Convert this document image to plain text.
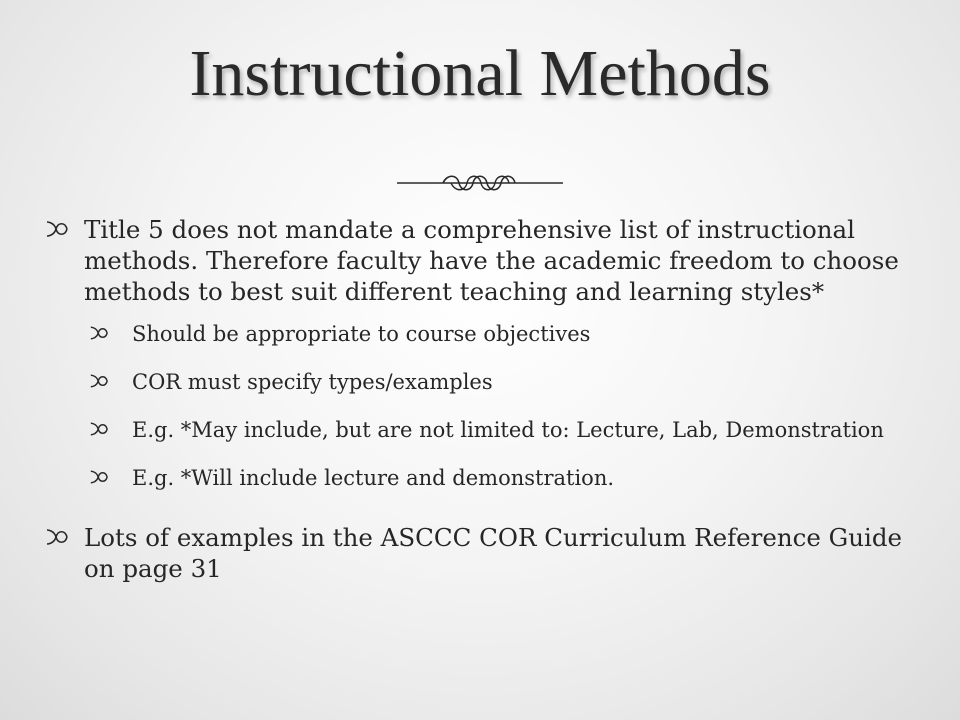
Instructional Methods

Title 5 does not mandate a comprehensive list of instructional methods. Therefore faculty have the academic freedom to choose methods to best suit different teaching and learning styles*

Should be appropriate to course objectives

COR must specify types/examples

E.g. *May include, but are not limited to: Lecture, Lab, Demonstration

E.g. *Will include lecture and demonstration.

Lots of examples in the ASCCC COR Curriculum Reference Guide on page 31
